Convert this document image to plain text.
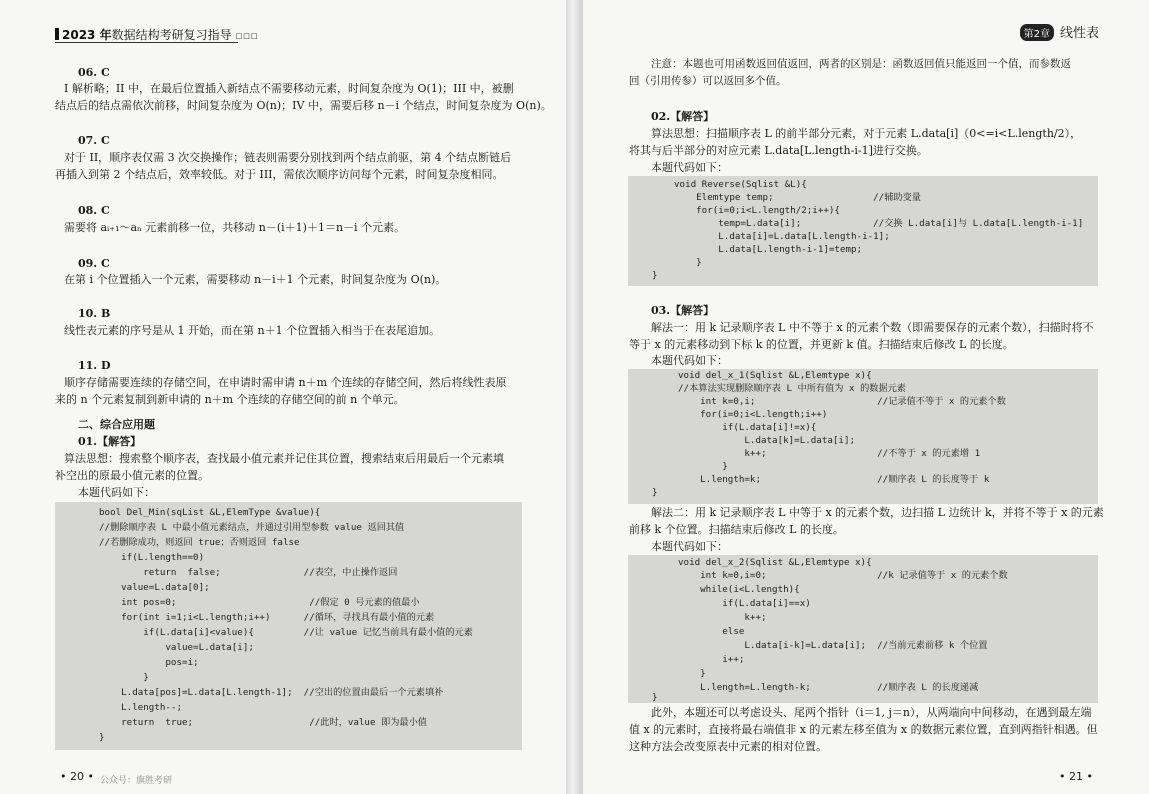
2023 年数据结构考研复习指导 □□□
06. C
I 解析略；II 中，在最后位置插入新结点不需要移动元素，时间复杂度为 O(1)；III 中，被删
结点后的结点需依次前移，时间复杂度为 O(n)；IV 中，需要后移 n－i 个结点，时间复杂度为 O(n)。
07. C
对于 II，顺序表仅需 3 次交换操作；链表则需要分别找到两个结点前驱，第 4 个结点断链后
再插入到第 2 个结点后，效率较低。对于 III，需依次顺序访问每个元素，时间复杂度相同。
08. C
需要将 aᵢ₊₁～aₙ 元素前移一位，共移动 n－(i＋1)＋1＝n－i 个元素。
09. C
在第 i 个位置插入一个元素，需要移动 n－i＋1 个元素，时间复杂度为 O(n)。
10. B
线性表元素的序号是从 1 开始，而在第 n＋1 个位置插入相当于在表尾追加。
11. D
顺序存储需要连续的存储空间，在申请时需申请 n＋m 个连续的存储空间，然后将线性表原
来的 n 个元素复制到新申请的 n＋m 个连续的存储空间的前 n 个单元。
二、综合应用题
01.【解答】
算法思想：搜索整个顺序表，查找最小值元素并记住其位置，搜索结束后用最后一个元素填
补空出的原最小值元素的位置。
本题代码如下：
bool Del_Min(sqList &L,ElemType &value){
//删除顺序表 L 中最小值元素结点，并通过引用型参数 value 返回其值
//若删除成功，则返回 true；否则返回 false
if(L.length==0)
return  false;               //表空，中止操作返回
value=L.data[0];
int pos=0;                        //假定 0 号元素的值最小
for(int i=1;i<L.length;i++)      //循环，寻找具有最小值的元素
if(L.data[i]<value){         //让 value 记忆当前具有最小值的元素
value=L.data[i];
pos=i;
}
L.data[pos]=L.data[L.length-1];  //空出的位置由最后一个元素填补
L.length--;
return  true;                     //此时，value 即为最小值
}
• 20 • 公众号：旗胜考研
第2章 线性表
注意：本题也可用函数返回值返回，两者的区别是：函数返回值只能返回一个值，而参数返
回（引用传参）可以返回多个值。
02.【解答】
算法思想：扫描顺序表 L 的前半部分元素，对于元素 L.data[i]（0<=i<L.length/2），
将其与后半部分的对应元素 L.data[L.length-i-1]进行交换。
本题代码如下：
void Reverse(Sqlist &L){
Elemtype temp;                  //辅助变量
for(i=0;i<L.length/2;i++){
temp=L.data[i];             //交换 L.data[i]与 L.data[L.length-i-1]
L.data[i]=L.data[L.length-i-1];
L.data[L.length-i-1]=temp;
}
}
03.【解答】
解法一：用 k 记录顺序表 L 中不等于 x 的元素个数（即需要保存的元素个数），扫描时将不
等于 x 的元素移动到下标 k 的位置，并更新 k 值。扫描结束后修改 L 的长度。
本题代码如下：
void del_x_1(Sqlist &L,Elemtype x){
//本算法实现删除顺序表 L 中所有值为 x 的数据元素
int k=0,i;                      //记录值不等于 x 的元素个数
for(i=0;i<L.length;i++)
if(L.data[i]!=x){
L.data[k]=L.data[i];
k++;                    //不等于 x 的元素增 1
}
L.length=k;                     //顺序表 L 的长度等于 k
}
解法二：用 k 记录顺序表 L 中等于 x 的元素个数，边扫描 L 边统计 k，并将不等于 x 的元素
前移 k 个位置。扫描结束后修改 L 的长度。
本题代码如下：
void del_x_2(Sqlist &L,Elemtype x){
int k=0,i=0;                    //k 记录值等于 x 的元素个数
while(i<L.length){
if(L.data[i]==x)
k++;
else
L.data[i-k]=L.data[i];  //当前元素前移 k 个位置
i++;
}
L.length=L.length-k;            //顺序表 L 的长度递减
}
此外，本题还可以考虑设头、尾两个指针（i＝1, j＝n），从两端向中间移动，在遇到最左端
值 x 的元素时，直接将最右端值非 x 的元素左移至值为 x 的数据元素位置，直到两指针相遇。但
这种方法会改变原表中元素的相对位置。
• 21 •
